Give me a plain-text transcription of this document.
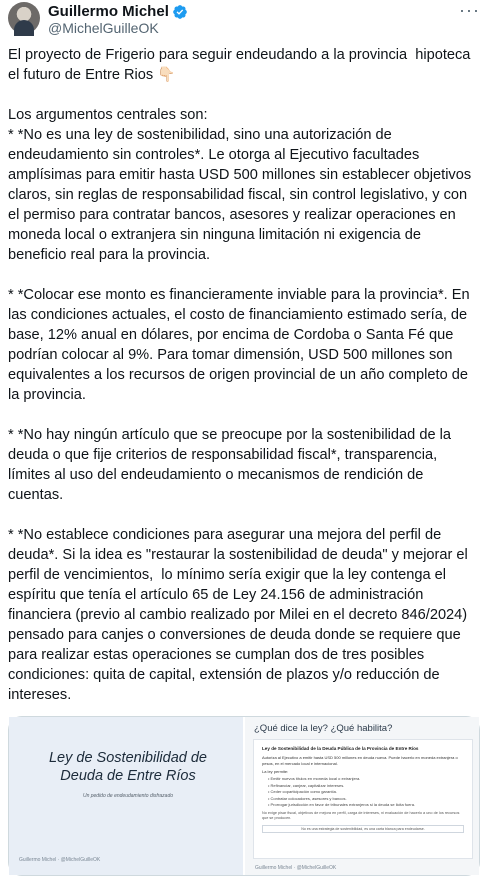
Guillermo Michel
@MichelGuilleOK
···
El proyecto de Frigerio para seguir endeudando a la provincia  hipoteca el futuro de Entre Rios 👇🏻

Los argumentos centrales son:
* *No es una ley de sostenibilidad, sino una autorización de endeudamiento sin controles*. Le otorga al Ejecutivo facultades amplísimas para emitir hasta USD 500 millones sin establecer objetivos claros, sin reglas de responsabilidad fiscal, sin control legislativo, y con el permiso para contratar bancos, asesores y realizar operaciones en moneda local o extranjera sin ninguna limitación ni exigencia de beneficio real para la provincia.

* *Colocar ese monto es financieramente inviable para la provincia*. En las condiciones actuales, el costo de financiamiento estimado sería, de base, 12% anual en dólares, por encima de Cordoba o Santa Fé que podrían colocar al 9%. Para tomar dimensión, USD 500 millones son equivalentes a los recursos de origen provincial de un año completo de la provincia.

* *No hay ningún artículo que se preocupe por la sostenibilidad de la deuda o que fije criterios de responsabilidad fiscal*, transparencia, límites al uso del endeudamiento o mecanismos de rendición de cuentas.

* *No establece condiciones para asegurar una mejora del perfil de deuda*. Si la idea es "restaurar la sostenibilidad de deuda" y mejorar el perfil de vencimientos,  lo mínimo sería exigir que la ley contenga el espíritu que tenía el artículo 65 de Ley 24.156 de administración financiera (previo al cambio realizado por Milei en el decreto 846/2024) pensado para canjes o conversiones de deuda donde se requiere que para realizar estas operaciones se cumplan dos de tres posibles condiciones: quita de capital, extensión de plazos y/o reducción de intereses.
Ley de Sostenibilidad de Deuda de Entre Ríos
Un pedido de endeudamiento disfrazado
Guillermo Michel · @MichelGuilleOK
¿Qué dice la ley? ¿Qué habilita?
Ley de Sostenibilidad de la Deuda Pública de la Provincia de Entre Ríos
Autoriza al Ejecutivo a emitir hasta USD 500 millones en deuda nueva. Puede hacerlo en moneda extranjera o pesos, en el mercado local e internacional.
La ley permite:
• Emitir nuevos títulos en moneda local o extranjera.
• Refinanciar, canjear, capitalizar intereses.
• Ceder coparticipación como garantía.
• Contratar colocadores, asesores y bancos.
• Prorrogar jurisdicción en favor de tribunales extranjeros si la deuda se licita fuera.
No exige pisar fiscal, objetivos de mejora en perfil, carga de intereses, ni evaluación de hacerlo a uno de los recursos que se producen.
No es una estrategia de sostenibilidad, es una carta blanca para endeudarse.
Guillermo Michel · @MichelGuilleOK
